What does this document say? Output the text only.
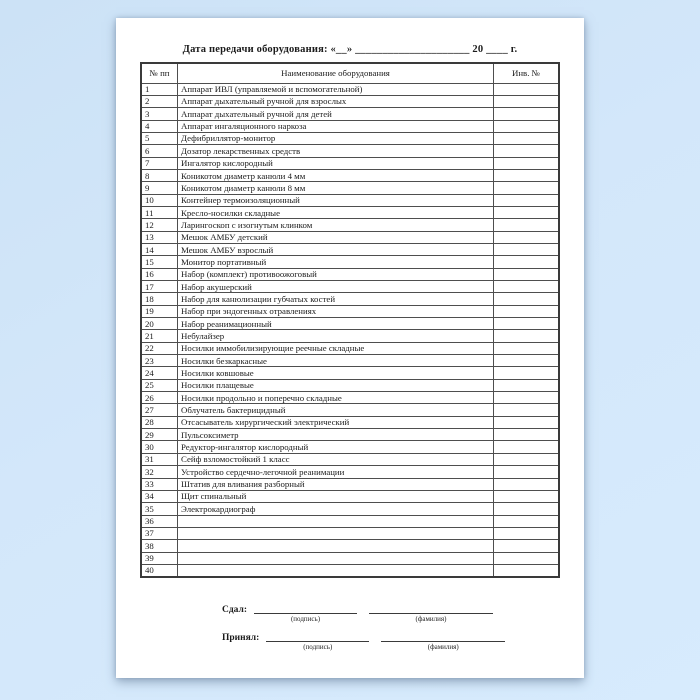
Дата передачи оборудования: «__» _____________________ 20 ____ г.
№ пп	Наименование оборудования	Инв. №
1	Аппарат ИВЛ (управляемой и вспомогательной)	
2	Аппарат дыхательный ручной для взрослых	
3	Аппарат дыхательный ручной для детей	
4	Аппарат ингаляционного наркоза	
5	Дефибриллятор-монитор	
6	Дозатор лекарственных средств	
7	Ингалятор кислородный	
8	Коникотом диаметр канюли 4 мм	
9	Коникотом диаметр канюли 8 мм	
10	Контейнер термоизоляционный	
11	Кресло-носилки складные	
12	Ларингоскоп с изогнутым клинком	
13	Мешок АМБУ детский	
14	Мешок АМБУ взрослый	
15	Монитор портативный	
16	Набор (комплект) противоожоговый	
17	Набор акушерский	
18	Набор для канюлизации губчатых костей	
19	Набор при эндогенных отравлениях	
20	Набор реанимационный	
21	Небулайзер	
22	Носилки иммобилизирующие реечные складные	
23	Носилки безкаркасные	
24	Носилки ковшовые	
25	Носилки плащевые	
26	Носилки продольно и поперечно складные	
27	Облучатель бактерицидный	
28	Отсасыватель хирургический электрический	
29	Пульсоксиметр	
30	Редуктор-ингалятор кислородный	
31	Сейф взломостойкий 1 класс	
32	Устройство сердечно-легочной реанимации	
33	Штатив для вливания разборный	
34	Щит спинальный	
35	Электрокардиограф	
36		
37		
38		
39		
40		
Сдал:
(подпись)	(фамилия)
Принял:
(подпись)	(фамилия)
